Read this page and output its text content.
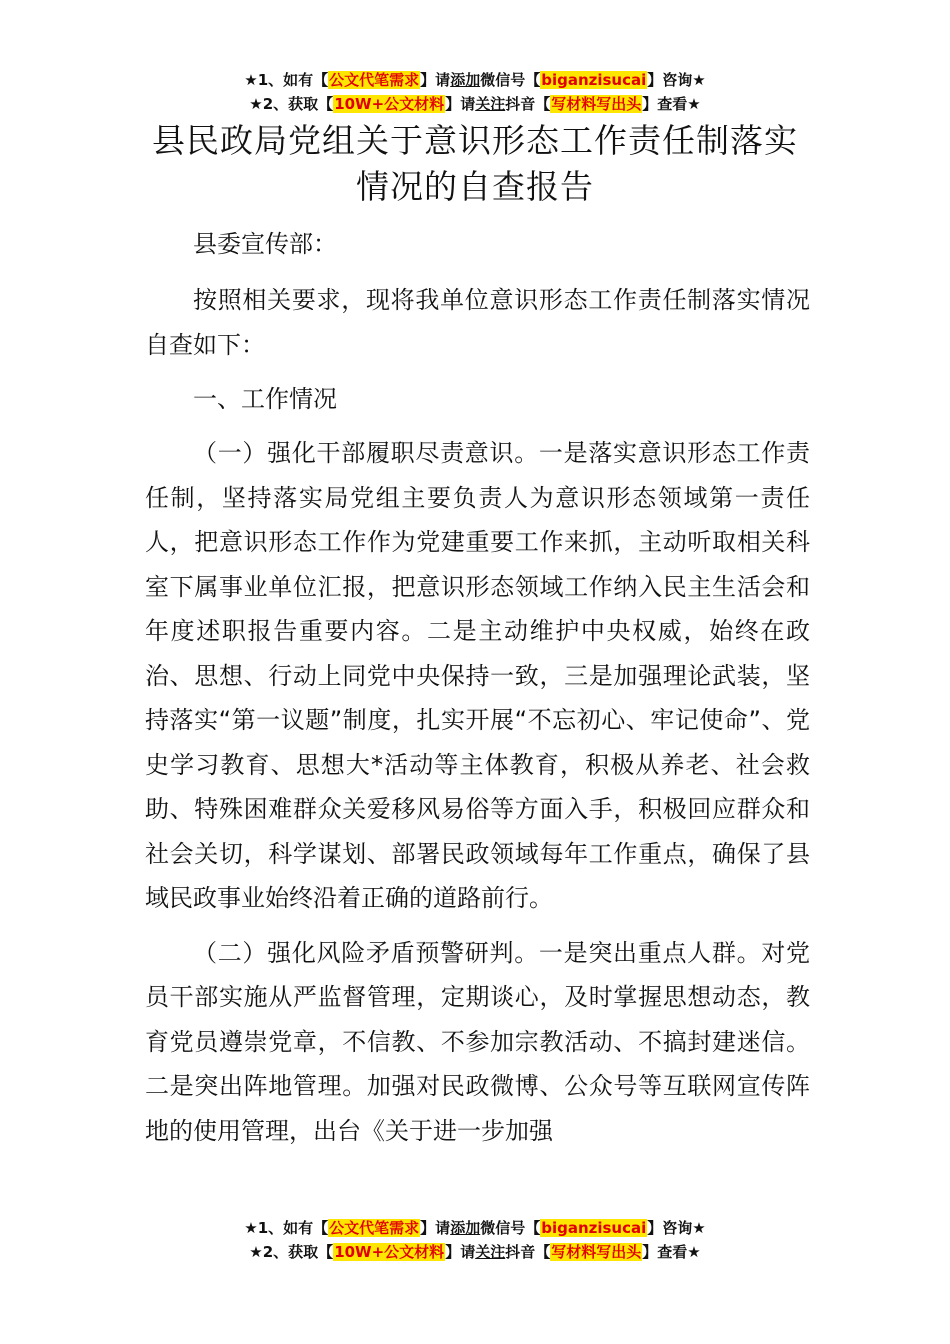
★1、如有【公文代笔需求】请添加微信号【biganzisucai】咨询★
★2、获取【10W+公文材料】请关注抖音【写材料写出头】查看★
县民政局党组关于意识形态工作责任制落实
情况的自查报告

县委宣传部：

按照相关要求，现将我单位意识形态工作责任制落实情况自查如下：

一、工作情况

（一）强化干部履职尽责意识。一是落实意识形态工作责任制，坚持落实局党组主要负责人为意识形态领域第一责任人，把意识形态工作作为党建重要工作来抓，主动听取相关科室下属事业单位汇报，把意识形态领域工作纳入民主生活会和年度述职报告重要内容。二是主动维护中央权威，始终在政治、思想、行动上同党中央保持一致，三是加强理论武装，坚持落实“第一议题”制度，扎实开展“不忘初心、牢记使命”、党史学习教育、思想大*活动等主体教育，积极从养老、社会救助、特殊困难群众关爱移风易俗等方面入手，积极回应群众和社会关切，科学谋划、部署民政领域每年工作重点，确保了县域民政事业始终沿着正确的道路前行。

（二）强化风险矛盾预警研判。一是突出重点人群。对党员干部实施从严监督管理，定期谈心，及时掌握思想动态，教育党员遵崇党章，不信教、不参加宗教活动、不搞封建迷信。二是突出阵地管理。加强对民政微博、公众号等互联网宣传阵地的使用管理，出台《关于进一步加强

★1、如有【公文代笔需求】请添加微信号【biganzisucai】咨询★
★2、获取【10W+公文材料】请关注抖音【写材料写出头】查看★
